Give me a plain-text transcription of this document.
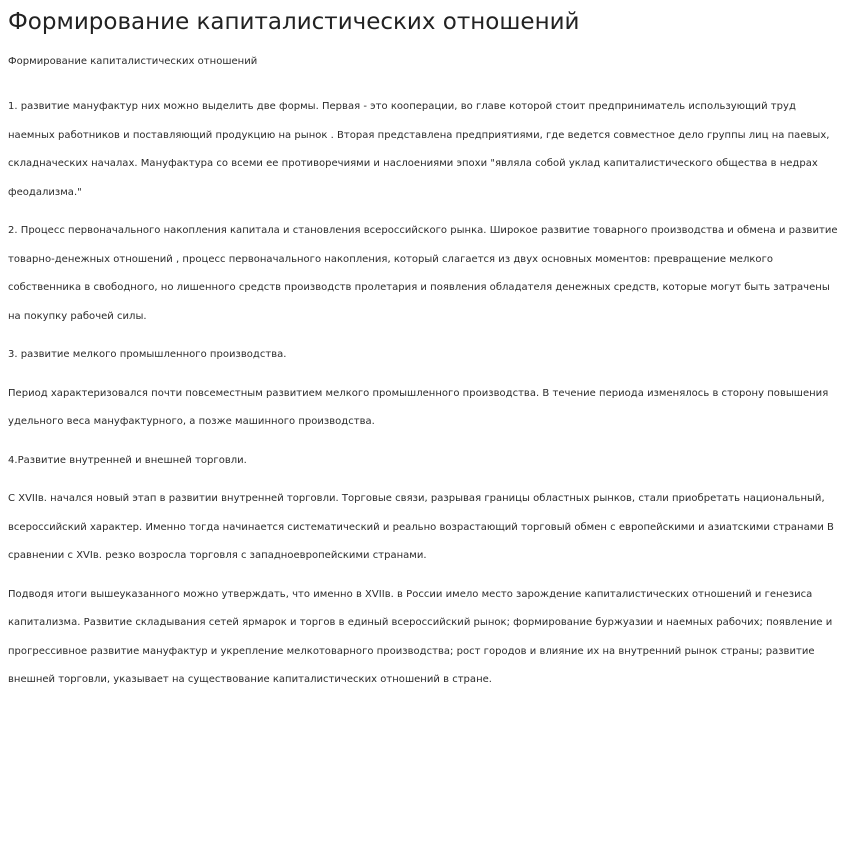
Формирование капиталистических отношений

Формирование капиталистических отношений

1. развитие мануфактур них можно выделить две формы. Первая - это кооперации, во главе которой стоит предприниматель использующий труд наемных работников и поставляющий продукцию на рынок . Вторая представлена предприятиями, где ведется совместное дело группы лиц на паевых, складначеских началах. Мануфактура со всеми ее противоречиями и наслоениями эпохи "являла собой уклад капиталистического общества в недрах феодализма."

2. Процесс первоначального накопления капитала и становления всероссийского рынка. Широкое развитие товарного производства и обмена и развитие товарно-денежных отношений , процесс первоначального накопления, который слагается из двух основных моментов: превращение мелкого собственника в свободного, но лишенного средств производств пролетария и появления обладателя денежных средств, которые могут быть затрачены на покупку рабочей силы.

3. развитие мелкого промышленного производства.

Период характеризовался почти повсеместным развитием мелкого промышленного производства. В течение периода изменялось в сторону повышения удельного веса мануфактурного, а позже машинного производства.

4.Развитие внутренней и внешней торговли.

С XVIIв. начался новый этап в развитии внутренней торговли. Торговые связи, разрывая границы областных рынков, стали приобретать национальный, всероссийский характер. Именно тогда начинается систематический и реально возрастающий торговый обмен с европейскими и азиатскими странами В сравнении с XVIв. резко возросла торговля с западноевропейскими странами.

Подводя итоги вышеуказанного можно утверждать, что именно в XVIIв. в России имело место зарождение капиталистических отношений и генезиса капитализма. Развитие складывания сетей ярмарок и торгов в единый всероссийский рынок; формирование буржуазии и наемных рабочих; появление и прогрессивное развитие мануфактур и укрепление мелкотоварного производства; рост городов и влияние их на внутренний рынок страны; развитие внешней торговли, указывает на существование капиталистических отношений в стране.
